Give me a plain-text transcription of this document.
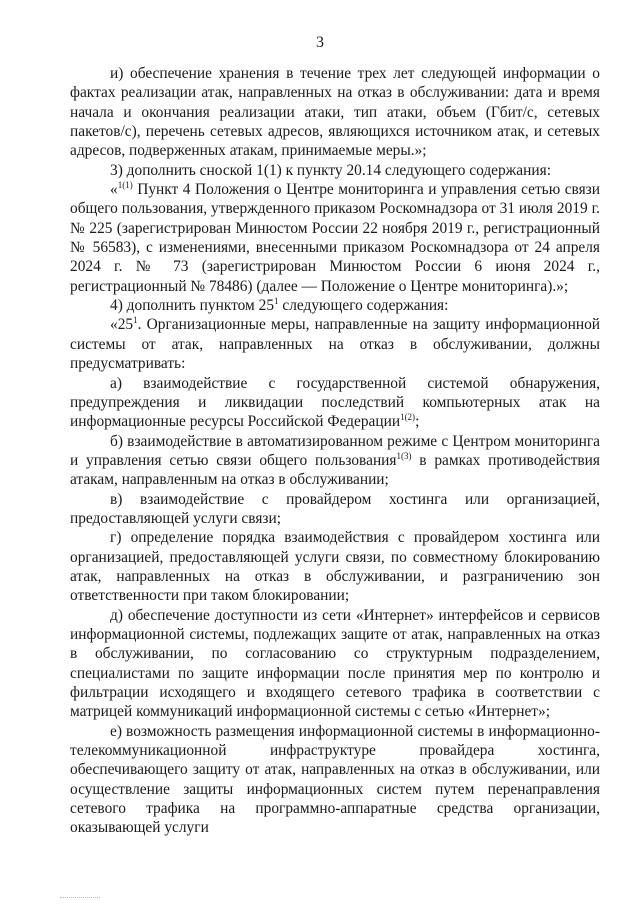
3

и) обеспечение хранения в течение трех лет следующей информации о фактах реализации атак, направленных на отказ в обслуживании: дата и время начала и окончания реализации атаки, тип атаки, объем (Гбит/с, сетевых пакетов/с), перечень сетевых адресов, являющихся источником атак, и сетевых адресов, подверженных атакам, принимаемые меры.»;

3) дополнить сноской 1(1) к пункту 20.14 следующего содержания:

«$^{1(1)}$ Пункт 4 Положения о Центре мониторинга и управления сетью связи общего пользования, утвержденного приказом Роскомнадзора от 31 июля 2019 г. № 225 (зарегистрирован Минюстом России 22 ноября 2019 г., регистрационный № 56583), с изменениями, внесенными приказом Роскомнадзора от 24 апреля 2024 г. № 73 (зарегистрирован Минюстом России 6 июня 2024 г., регистрационный № 78486) (далее — Положение о Центре мониторинга).»;

4) дополнить пунктом $25^1$ следующего содержания:

«$25^1$. Организационные меры, направленные на защиту информационной системы от атак, направленных на отказ в обслуживании, должны предусматривать:

а) взаимодействие с государственной системой обнаружения, предупреждения и ликвидации последствий компьютерных атак на информационные ресурсы Российской Федерации$^{1(2)}$;

б) взаимодействие в автоматизированном режиме с Центром мониторинга и управления сетью связи общего пользования$^{1(3)}$ в рамках противодействия атакам, направленным на отказ в обслуживании;

в) взаимодействие с провайдером хостинга или организацией, предоставляющей услуги связи;

г) определение порядка взаимодействия с провайдером хостинга или организацией, предоставляющей услуги связи, по совместному блокированию атак, направленных на отказ в обслуживании, и разграничению зон ответственности при таком блокировании;

д) обеспечение доступности из сети «Интернет» интерфейсов и сервисов информационной системы, подлежащих защите от атак, направленных на отказ в обслуживании, по согласованию со структурным подразделением, специалистами по защите информации после принятия мер по контролю и фильтрации исходящего и входящего сетевого трафика в соответствии с матрицей коммуникаций информационной системы с сетью «Интернет»;

е) возможность размещения информационной системы в информационно-телекоммуникационной инфраструктуре провайдера хостинга, обеспечивающего защиту от атак, направленных на отказ в обслуживании, или осуществление защиты информационных систем путем перенаправления сетевого трафика на программно-аппаратные средства организации, оказывающей услуги
